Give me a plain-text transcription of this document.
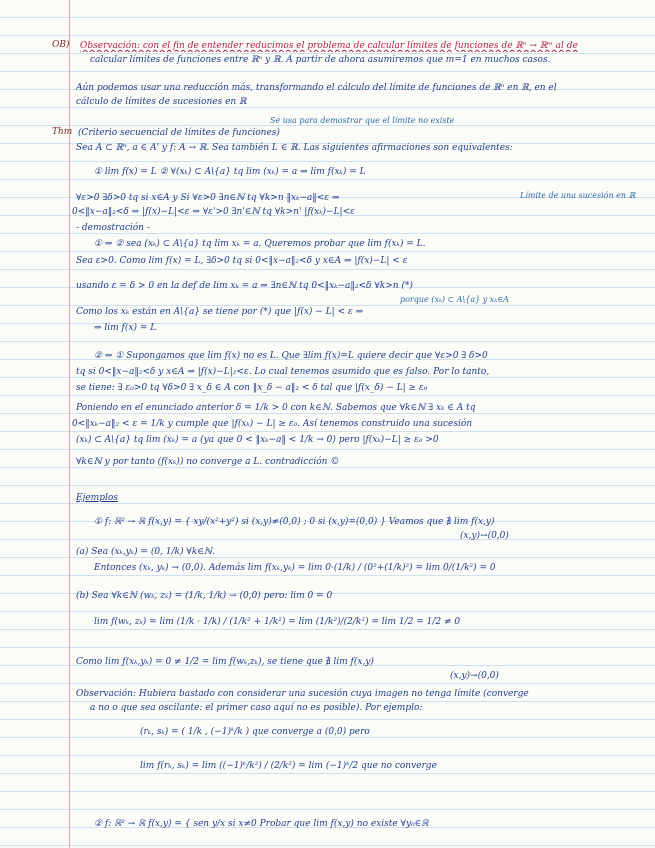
OB) Observación: con el fin de entender reducimos el problema de calcular límites de funciones de ℝⁿ → ℝᵐ al de
calcular límites de funciones entre ℝⁿ y ℝ. A partir de ahora asumiremos que m=1 en muchos casos.
Aún podemos usar una reducción más, transformando el cálculo del límite de funciones de ℝⁿ en ℝ, en el
cálculo de límites de sucesiones en ℝ
Se usa para demostrar que el límite no existe
Thm (Criterio secuencial de límites de funciones)
Sea A ⊂ ℝⁿ, a ∈ A' y f: A → ℝ. Sea también L ∈ ℝ. Las siguientes afirmaciones son equivalentes:
① lim f(x) = L ② ∀(xₖ) ⊂ A\{a} tq lim (xₖ) = a ⇒ lim f(xₖ) = L
Límite de una sucesión en ℝ
∀ε>0 ∃δ>0 tq si x∈A y Si ∀ε>0 ∃n∈ℕ tq ∀k>n ‖xₖ−a‖<ε ⇒
0<‖x−a‖₂<δ ⇒ |f(x)−L|<ε ⇒ ∀ε'>0 ∃n'∈ℕ tq ∀k>n' |f(xₖ)−L|<ε
- demostración -
① ⇒ ② sea (xₖ) ⊂ A\{a} tq lim xₖ = a. Queremos probar que lim f(xₖ) = L.
Sea ε>0. Como lim f(x) = L, ∃δ>0 tq si 0<‖x−a‖₂<δ y x∈A ⇒ |f(x)−L| < ε
usando ε = δ > 0 en la def de lim xₖ = a ⇒ ∃n∈ℕ tq 0<‖xₖ−a‖₂<δ ∀k>n (*)
porque (xₖ) ⊂ A\{a} y xₖ∈A
Como los xₖ están en A\{a} se tiene por (*) que |f(x) − L| < ε ⇒
⇒ lim f(x) = L
② ⇒ ① Supongamos que lim f(x) no es L. Que ∃lim f(x)=L quiere decir que ∀ε>0 ∃ δ>0
tq si 0<‖x−a‖₂<δ y x∈A ⇒ |f(x)−L|₂<ε. Lo cual tenemos asumido que es falso. Por lo tanto,
se tiene: ∃ ε₀>0 tq ∀δ>0 ∃ x_δ ∈ A con ‖x_δ − a‖₂ < δ tal que |f(x_δ) − L| ≥ ε₀
Poniendo en el enunciado anterior δ = 1/k > 0 con k∈ℕ. Sabemos que ∀k∈ℕ ∃ xₖ ∈ A tq
0<‖xₖ−a‖₂ < ε = 1/k y cumple que |f(xₖ) − L| ≥ ε₀. Así tenemos construido una sucesión
(xₖ) ⊂ A\{a} tq lim (xₖ) = a (ya que 0 < ‖xₖ−a‖ < 1/k → 0) pero |f(xₖ)−L| ≥ ε₀ >0
∀k∈ℕ y por tanto (f(xₖ)) no converge a L. contradicción ©
Ejemplos
① f: ℝ² → ℝ f(x,y) = { xy/(x²+y²) si (x,y)≠(0,0) ; 0 si (x,y)=(0,0) } Veamos que ∄ lim f(x,y)
(x,y)→(0,0)
(a) Sea (xₖ,yₖ) = (0, 1/k) ∀k∈ℕ.
Entonces (xₖ, yₖ) → (0,0). Además lim f(xₖ,yₖ) = lim 0·(1/k) / (0²+(1/k)²) = lim 0/(1/k²) = 0
(b) Sea ∀k∈ℕ (wₖ, zₖ) = (1/k, 1/k) → (0,0) pero: lim 0 = 0
lim f(wₖ, zₖ) = lim (1/k · 1/k) / (1/k² + 1/k²) = lim (1/k²)/(2/k²) = lim 1/2 = 1/2 ≠ 0
Como lim f(xₖ,yₖ) = 0 ≠ 1/2 = lim f(wₖ,zₖ), se tiene que ∄ lim f(x,y)
(x,y)→(0,0)
Observación: Hubiera bastado con considerar una sucesión cuya imagen no tenga límite (converge
a no o que sea oscilante: el primer caso aquí no es posible). Por ejemplo:
(rₖ, sₖ) = ( 1/k , (−1)ᵏ/k ) que converge a (0,0) pero
lim f(rₖ, sₖ) = lim ((−1)ᵏ/k²) / (2/k²) = lim (−1)ᵏ/2 que no converge
② f: ℝ² → ℝ f(x,y) = { sen y/x si x≠0 Probar que lim f(x,y) no existe ∀y₀∈ℝ
